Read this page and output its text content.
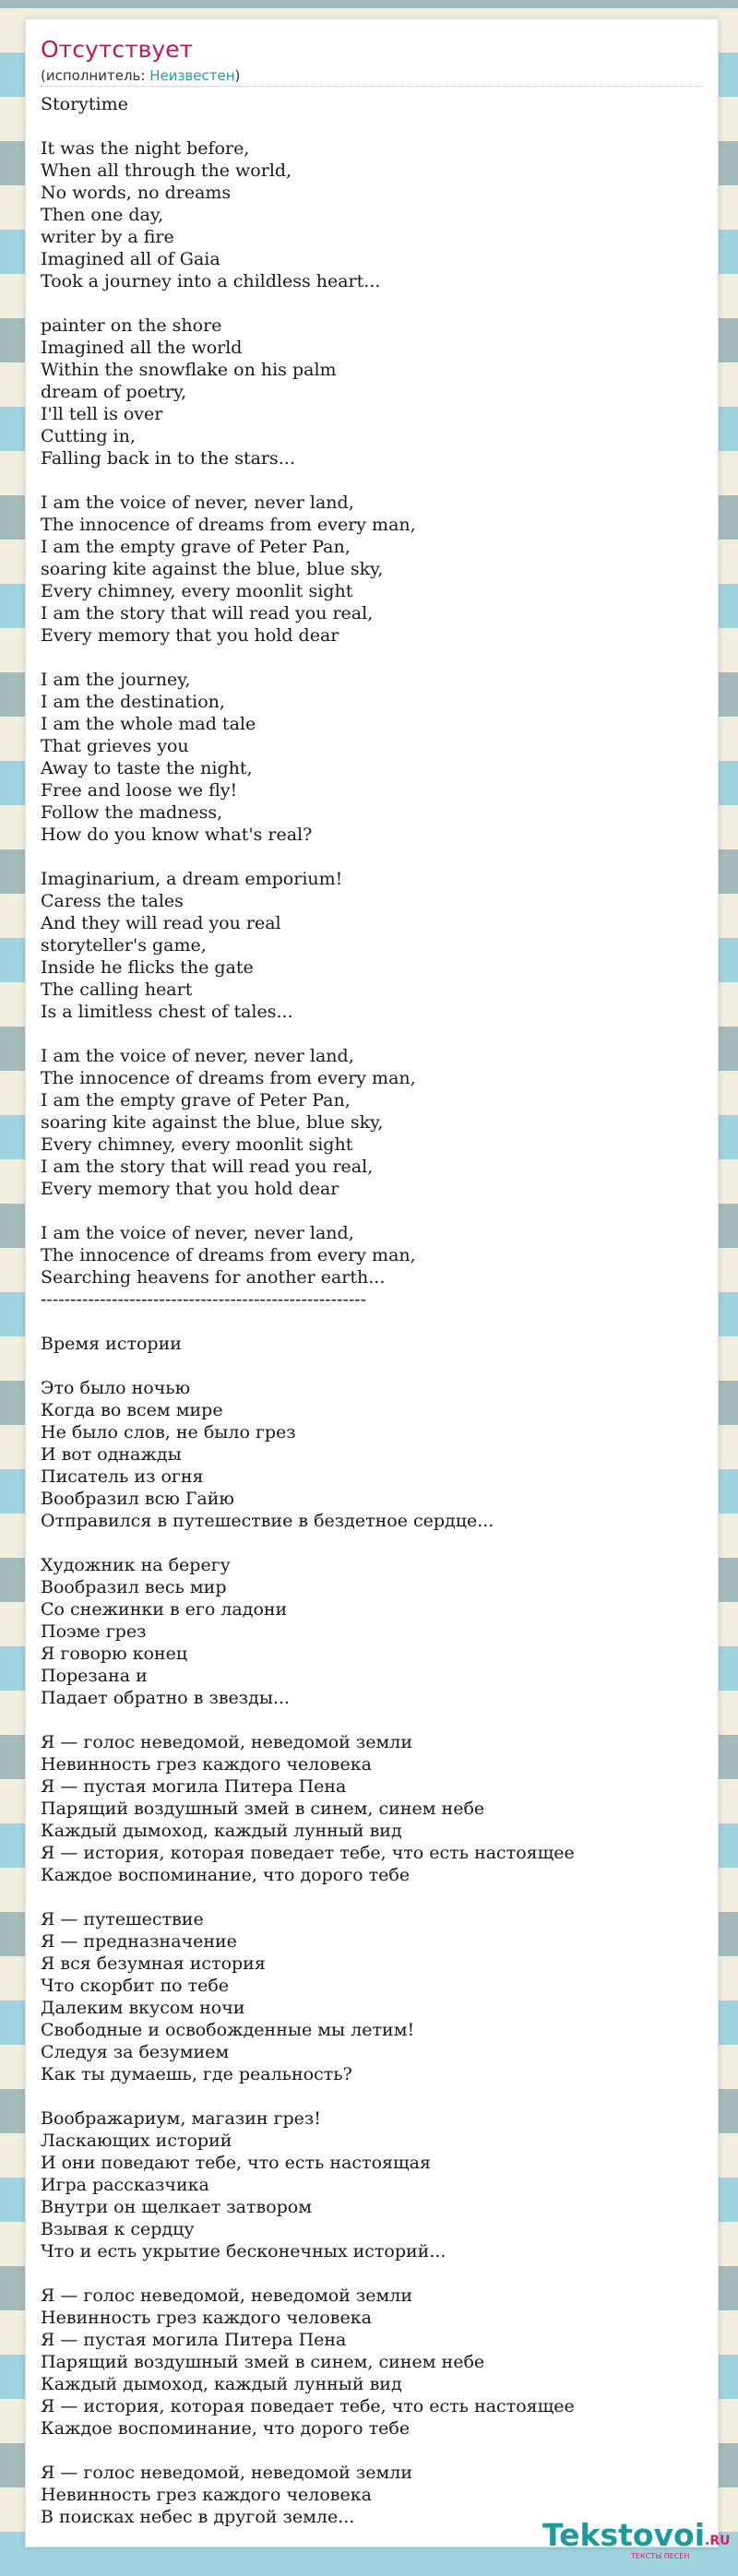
Отсутствует
(исполнитель: Неизвестен)
Storytime
It was the night before,
When all through the world,
No words, no dreams
Then one day,
writer by a fire
Imagined all of Gaia
Took a journey into a childless heart...
painter on the shore
Imagined all the world
Within the snowflake on his palm
dream of poetry,
I'll tell is over
Cutting in,
Falling back in to the stars...
I am the voice of never, never land,
The innocence of dreams from every man,
I am the empty grave of Peter Pan,
soaring kite against the blue, blue sky,
Every chimney, every moonlit sight
I am the story that will read you real,
Every memory that you hold dear
I am the journey,
I am the destination,
I am the whole mad tale
That grieves you
Away to taste the night,
Free and loose we fly!
Follow the madness,
How do you know what's real?
Imaginarium, a dream emporium!
Caress the tales
And they will read you real
storyteller's game,
Inside he flicks the gate
The calling heart
Is a limitless chest of tales...
I am the voice of never, never land,
The innocence of dreams from every man,
I am the empty grave of Peter Pan,
soaring kite against the blue, blue sky,
Every chimney, every moonlit sight
I am the story that will read you real,
Every memory that you hold dear
I am the voice of never, never land,
The innocence of dreams from every man,
Searching heavens for another earth...
-------------------------------------------------------
Время истории
Это было ночью
Когда во всем мире
Не было слов, не было грез
И вот однажды
Писатель из огня
Вообразил всю Гайю
Отправился в путешествие в бездетное сердце...
Художник на берегу
Вообразил весь мир
Со снежинки в его ладони
Поэме грез
Я говорю конец
Порезана и
Падает обратно в звезды...
Я — голос неведомой, неведомой земли
Невинность грез каждого человека
Я — пустая могила Питера Пена
Парящий воздушный змей в синем, синем небе
Каждый дымоход, каждый лунный вид
Я — история, которая поведает тебе, что есть настоящее
Каждое воспоминание, что дорого тебе
Я — путешествие
Я — предназначение
Я вся безумная история
Что скорбит по тебе
Далеким вкусом ночи
Свободные и освобожденные мы летим!
Следуя за безумием
Как ты думаешь, где реальность?
Воображариум, магазин грез!
Ласкающих историй
И они поведают тебе, что есть настоящая
Игра рассказчика
Внутри он щелкает затвором
Взывая к сердцу
Что и есть укрытие бесконечных историй...
Я — голос неведомой, неведомой земли
Невинность грез каждого человека
Я — пустая могила Питера Пена
Парящий воздушный змей в синем, синем небе
Каждый дымоход, каждый лунный вид
Я — история, которая поведает тебе, что есть настоящее
Каждое воспоминание, что дорого тебе
Я — голос неведомой, неведомой земли
Невинность грез каждого человека
В поисках небес в другой земле...	Tekstovoi .RU
ТЕКСТЫ ПЕСЕН
